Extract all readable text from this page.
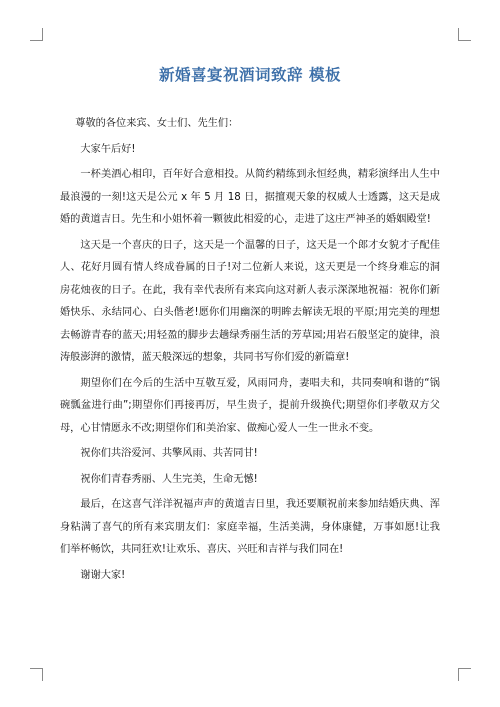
新婚喜宴祝酒词致辞 模板

尊敬的各位来宾、女士们、先生们：

大家午后好!

一杯美酒心相印，百年好合意相投。从简约精练到永恒经典，精彩演绎出人生中最浪漫的一刻!这天是公元 x 年 5 月 18 日，据擅观天象的权威人士透露，这天是成婚的黄道吉日。先生和小姐怀着一颗彼此相爱的心，走进了这庄严神圣的婚姻殿堂!

这天是一个喜庆的日子，这天是一个温馨的日子，这天是一个郎才女貌才子配佳人、花好月圆有情人终成眷属的日子!对二位新人来说，这天更是一个终身难忘的洞房花烛夜的日子。在此，我有幸代表所有来宾向这对新人表示深深地祝福：祝你们新婚快乐、永结同心、白头偕老!愿你们用幽深的明眸去解读无垠的平原;用完美的理想去畅游青春的蓝天;用轻盈的脚步去趟绿秀丽生活的芳草园;用岩石般坚定的旋律，浪涛般澎湃的激情，蓝天般深远的想象，共同书写你们爱的新篇章!

期望你们在今后的生活中互敬互爱，风雨同舟，妻唱夫和，共同奏响和谐的“锅碗瓢盆进行曲”;期望你们再接再厉，早生贵子，提前升级换代;期望你们孝敬双方父母，心甘情愿永不改;期望你们和美治家、做痴心爱人一生一世永不变。

祝你们共浴爱河、共擎风雨、共苦同甘!

祝你们青春秀丽、人生完美，生命无憾!

最后，在这喜气洋洋祝福声声的黄道吉日里，我还要顺祝前来参加结婚庆典、浑身粘满了喜气的所有来宾朋友们：家庭幸福，生活美满，身体康健，万事如愿!让我们举杯畅饮，共同狂欢!让欢乐、喜庆、兴旺和吉祥与我们同在!

谢谢大家!
